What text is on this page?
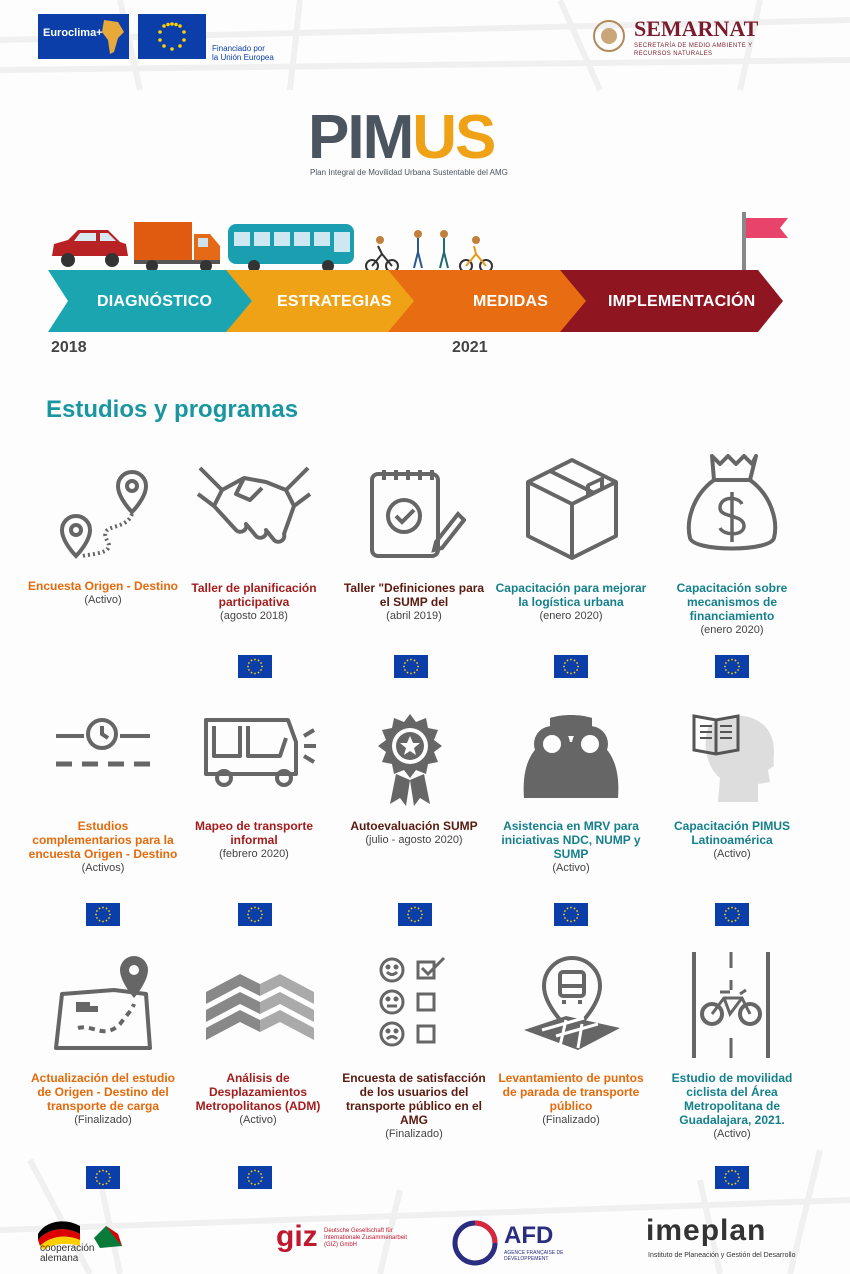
Euroclima+
Financiado por
la Unión Europea
SEMARNAT
SECRETARÍA DE MEDIO AMBIENTE Y
RECURSOS NATURALES
PIMUS
Plan Integral de Movilidad Urbana Sustentable del AMG
DIAGNÓSTICO	ESTRATEGIAS	MEDIDAS	IMPLEMENTACIÓN
2018	2021
Estudios y programas
Encuesta Origen - Destino
(Activo)
Taller de planificación participativa
(agosto 2018)
Taller "Definiciones para el SUMP del
(abril 2019)
Capacitación para mejorar la logística urbana
(enero 2020)
Capacitación sobre mecanismos de financiamiento
(enero 2020)
Estudios complementarios para la encuesta Origen - Destino
(Activos)
Mapeo de transporte informal
(febrero 2020)
Autoevaluación SUMP
(julio - agosto 2020)
Asistencia en MRV para iniciativas NDC, NUMP y SUMP
(Activo)
Capacitación PIMUS Latinoamérica
(Activo)
Actualización del estudio de Origen - Destino del transporte de carga
(Finalizado)
Análisis de Desplazamientos Metropolitanos (ADM)
(Activo)
Encuesta de satisfacción de los usuarios del transporte público en el AMG
(Finalizado)
Levantamiento de puntos de parada de transporte público
(Finalizado)
Estudio de movilidad ciclista del Área Metropolitana de Guadalajara, 2021.
(Activo)
cooperación
alemana
giz Deutsche Gesellschaft für Internationale Zusammenarbeit (GIZ) GmbH	AFD
AGENCE FRANÇAISE DE DÉVELOPPEMENT
imeplan
Instituto de Planeación y Gestión del Desarrollo
